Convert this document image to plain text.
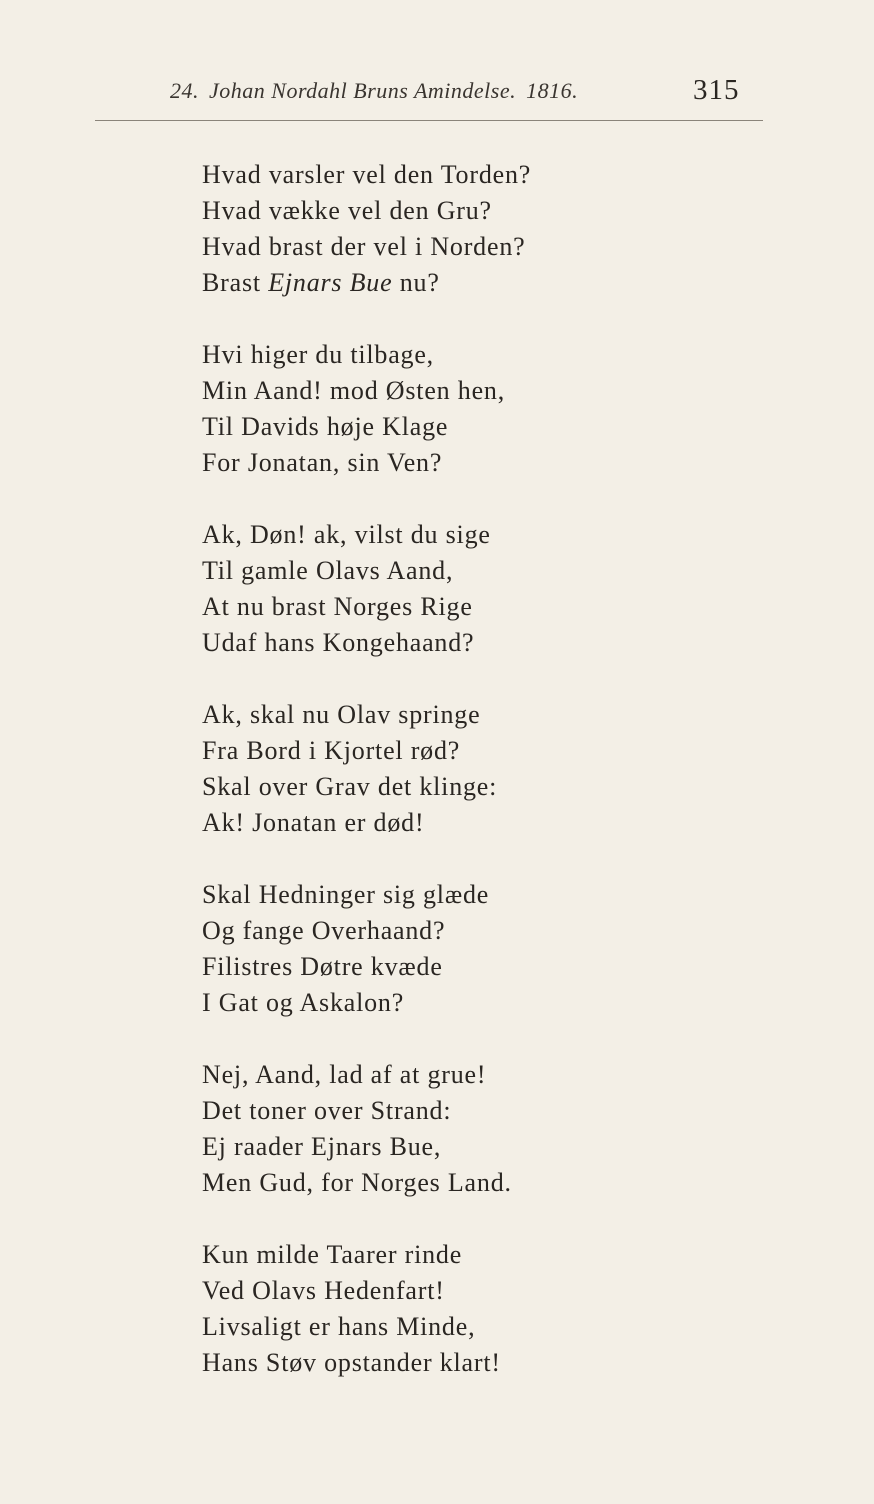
24. Johan Nordahl Bruns Amindelse. 1816.	315
Hvad varsler vel den Torden?
Hvad vække vel den Gru?
Hvad brast der vel i Norden?
Brast Ejnars Bue nu?
Hvi higer du tilbage,
Min Aand! mod Østen hen,
Til Davids høje Klage
For Jonatan, sin Ven?
Ak, Døn! ak, vilst du sige
Til gamle Olavs Aand,
At nu brast Norges Rige
Udaf hans Kongehaand?
Ak, skal nu Olav springe
Fra Bord i Kjortel rød?
Skal over Grav det klinge:
Ak! Jonatan er død!
Skal Hedninger sig glæde
Og fange Overhaand?
Filistres Døtre kvæde
I Gat og Askalon?
Nej, Aand, lad af at grue!
Det toner over Strand:
Ej raader Ejnars Bue,
Men Gud, for Norges Land.
Kun milde Taarer rinde
Ved Olavs Hedenfart!
Livsaligt er hans Minde,
Hans Støv opstander klart!
